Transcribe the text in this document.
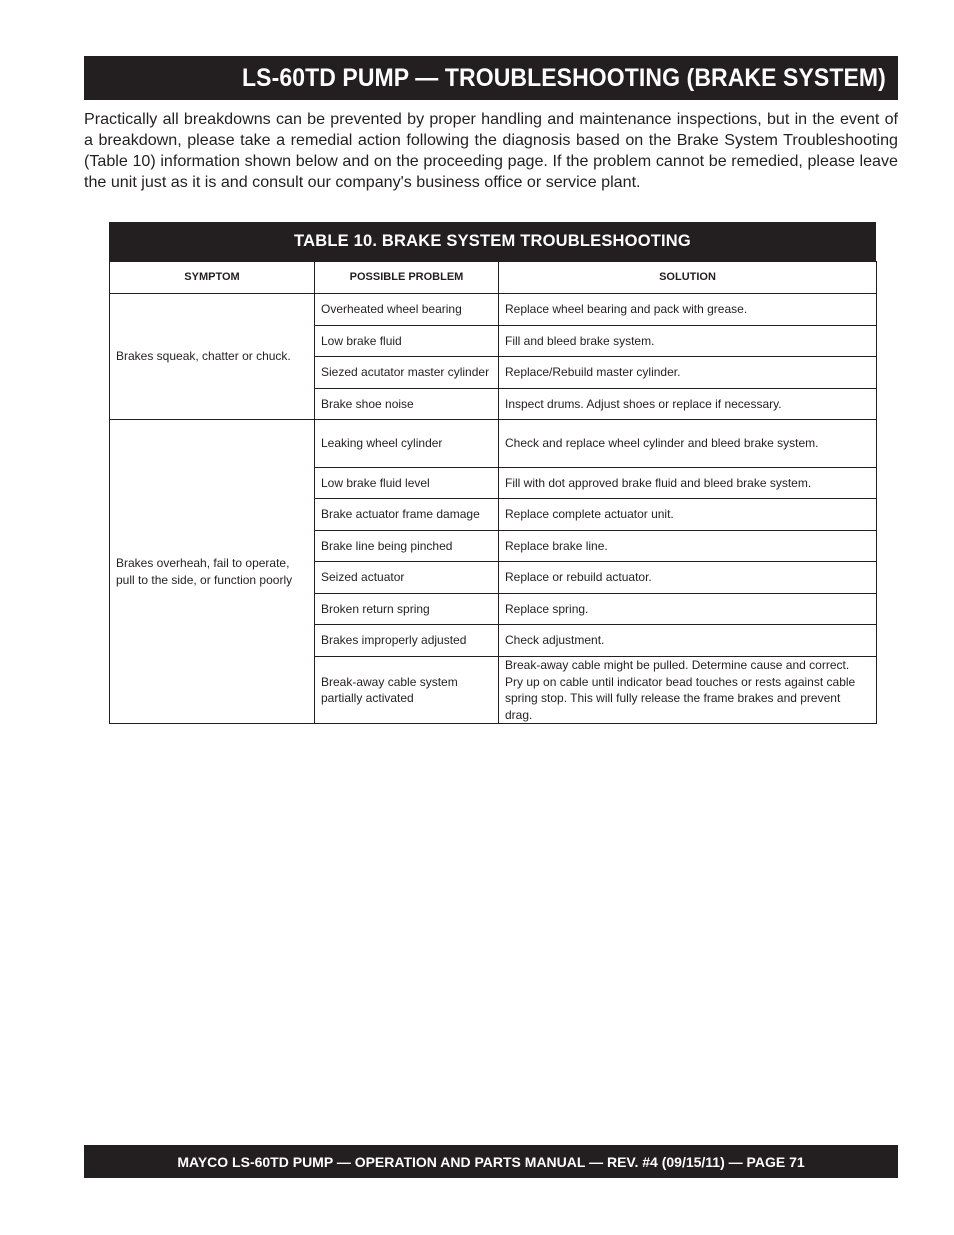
LS-60TD PUMP — TROUBLESHOOTING (BRAKE SYSTEM)

Practically all breakdowns can be prevented by proper handling and maintenance inspections, but in the event of a breakdown, please take a remedial action following the diagnosis based on the Brake System Troubleshooting (Table 10) information shown below and on the proceeding page. If the problem cannot be remedied, please leave the unit just as it is and consult our company's business office or service plant.

TABLE 10. BRAKE SYSTEM TROUBLESHOOTING
SYMPTOM	POSSIBLE PROBLEM	SOLUTION
Brakes squeak, chatter or chuck.	Overheated wheel bearing	Replace wheel bearing and pack with grease.
	Low brake fluid	Fill and bleed brake system.
	Siezed acutator master cylinder	Replace/Rebuild master cylinder.
	Brake shoe noise	Inspect drums. Adjust shoes or replace if necessary.
Brakes overheah, fail to operate, pull to the side, or function poorly	Leaking wheel cylinder	Check and replace wheel cylinder and bleed brake system.
	Low brake fluid level	Fill with dot approved brake fluid and bleed brake system.
	Brake actuator frame damage	Replace complete actuator unit.
	Brake line being pinched	Replace brake line.
	Seized actuator	Replace or rebuild actuator.
	Broken return spring	Replace spring.
	Brakes improperly adjusted	Check adjustment.
	Break-away cable system partially activated	Break-away cable might be pulled. Determine cause and correct. Pry up on cable until indicator bead touches or rests against cable spring stop. This will fully release the frame brakes and prevent drag.
MAYCO LS-60TD PUMP — OPERATION AND PARTS MANUAL — REV. #4 (09/15/11) — PAGE 71
